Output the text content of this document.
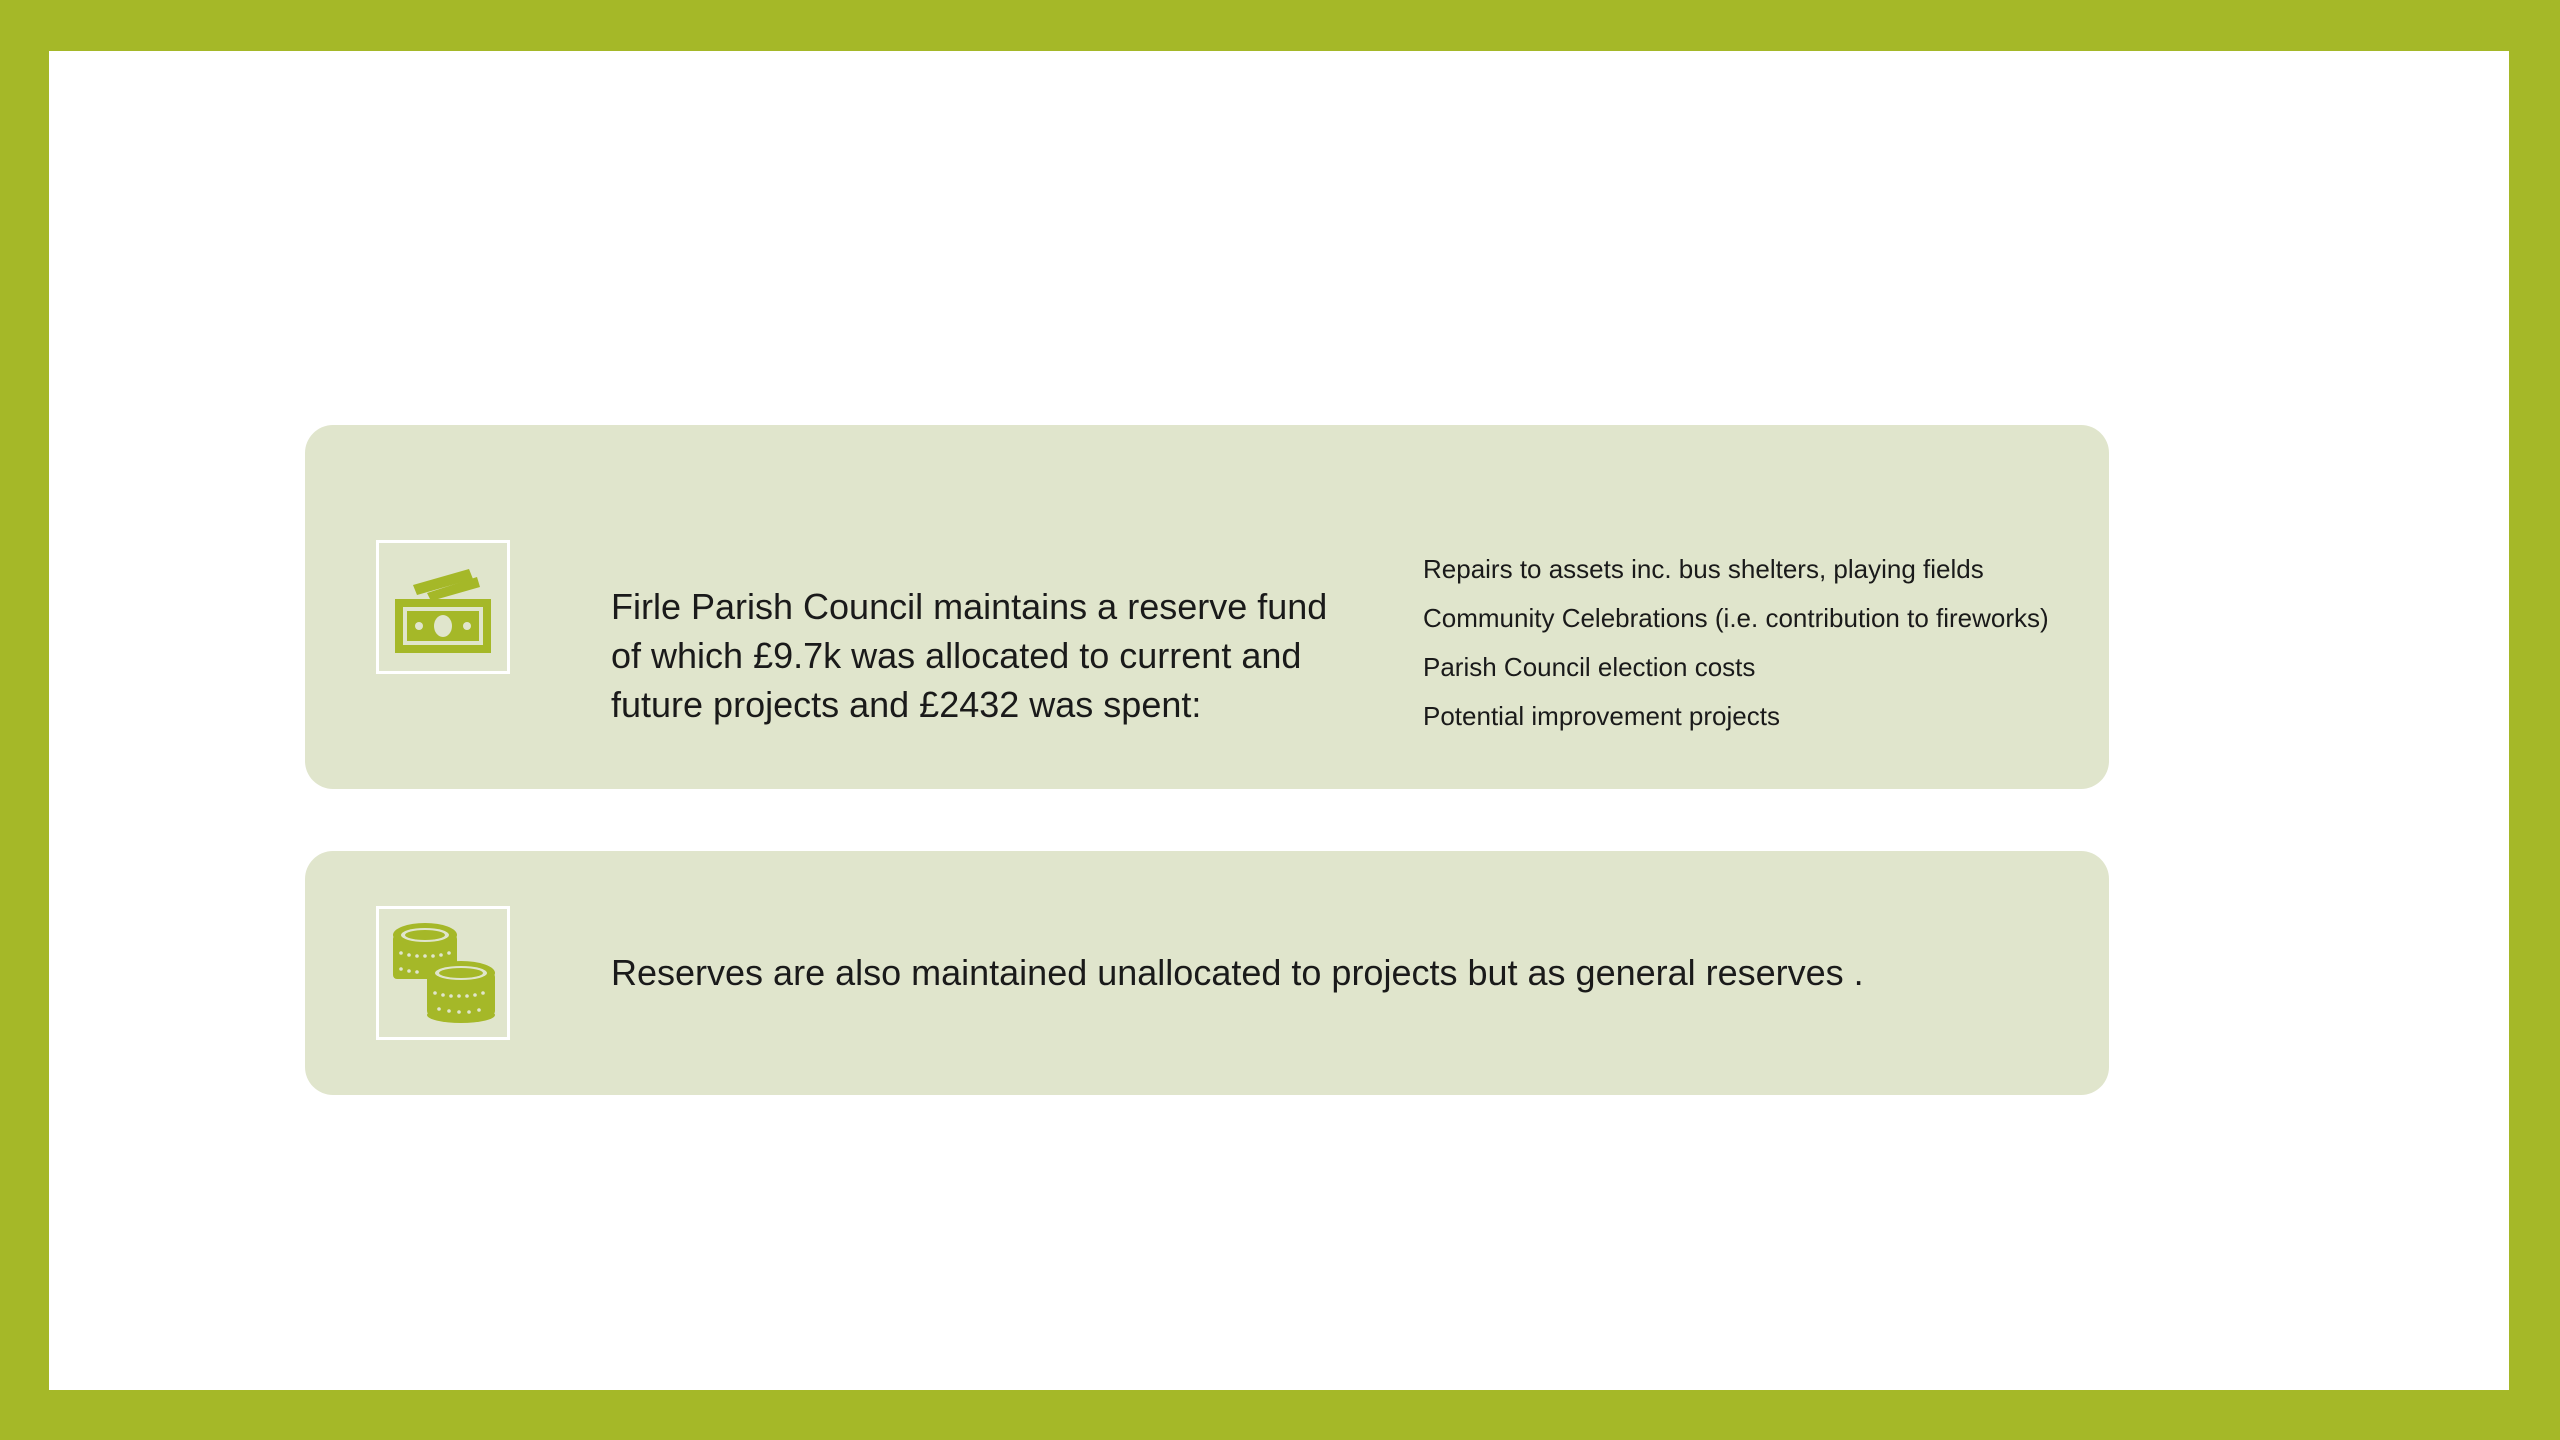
Firle Parish Council maintains a reserve fund of which £9.7k was allocated to current and future projects and £2432 was spent:
Repairs to assets inc. bus shelters, playing fields
Community Celebrations (i.e. contribution to fireworks)
Parish Council election costs
Potential improvement projects
Reserves are also maintained unallocated to projects but as general reserves .
